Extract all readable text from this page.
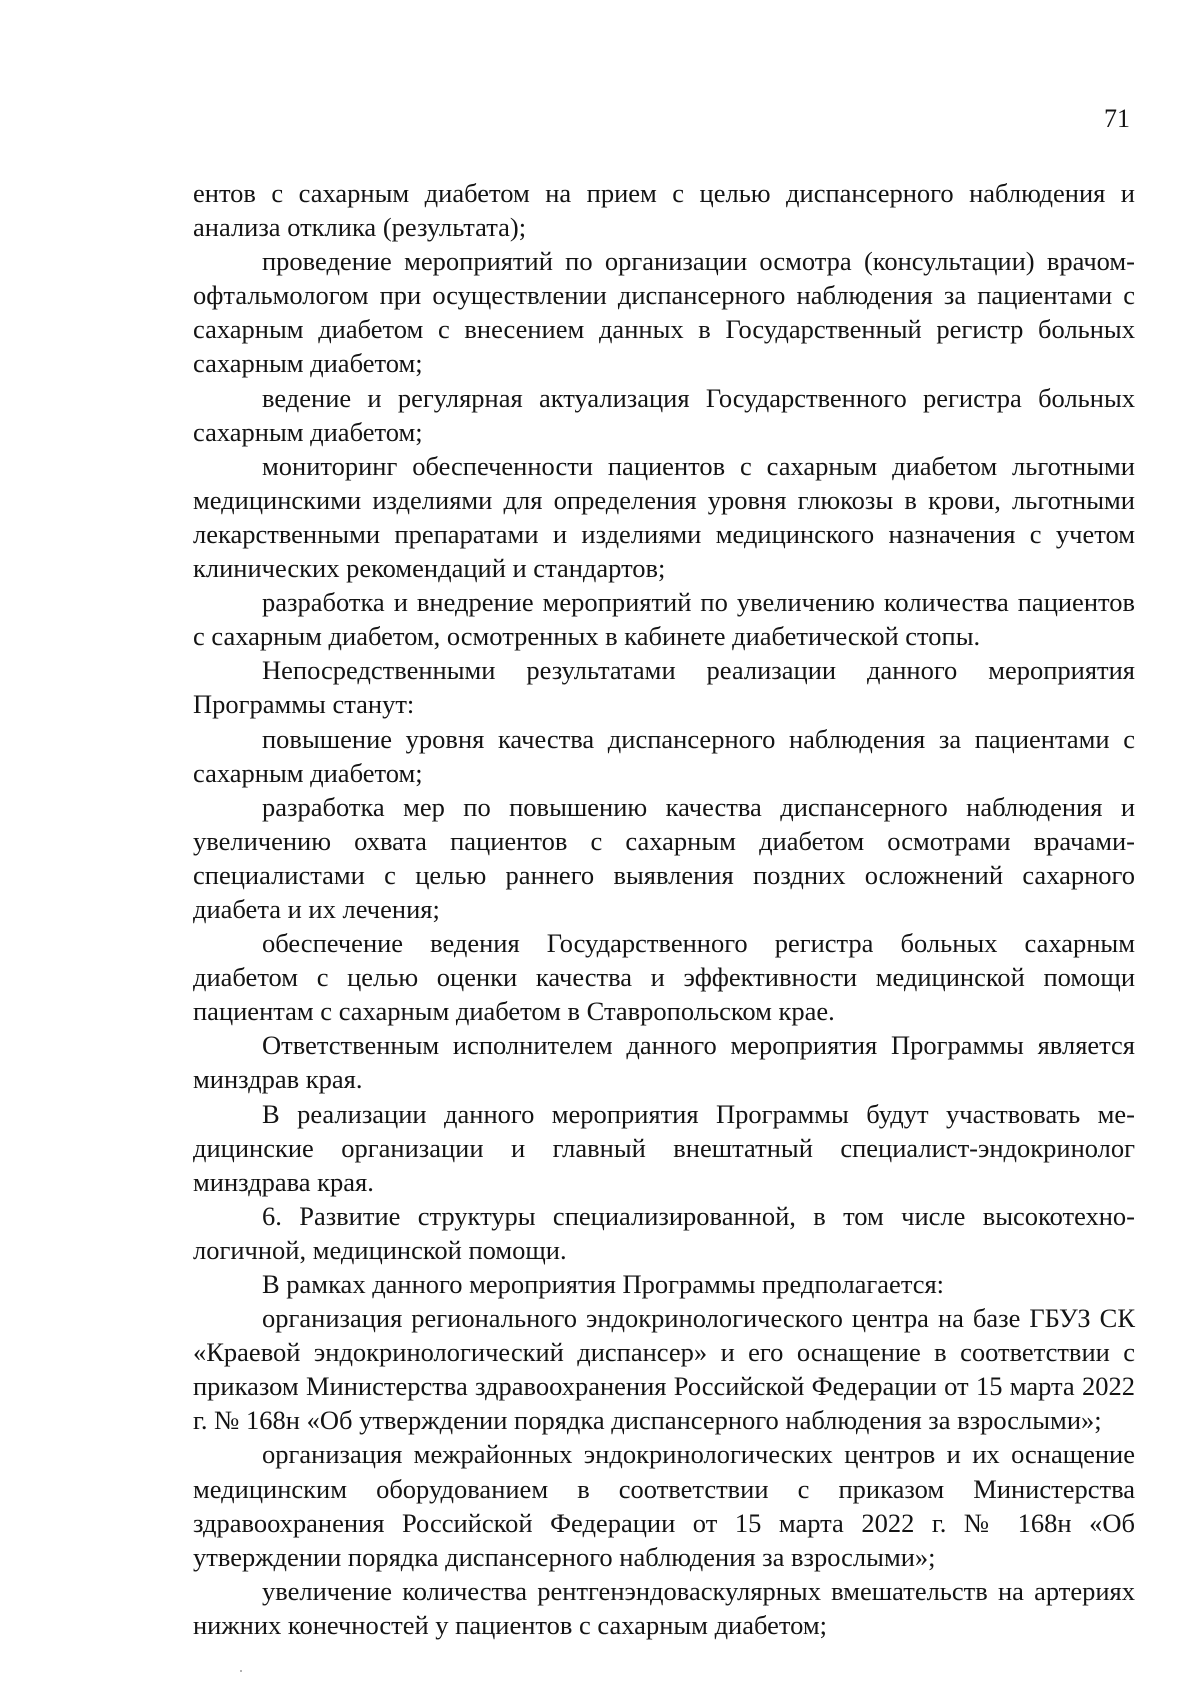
71

ентов с сахарным диабетом на прием с целью диспансерного наблюдения и анализа отклика (результата);

проведение мероприятий по организации осмотра (консультации) врачом-офтальмологом при осуществлении диспансерного наблюдения за пациентами с сахарным диабетом с внесением данных в Государственный регистр больных сахарным диабетом;

ведение и регулярная актуализация Государственного регистра больных сахарным диабетом;

мониторинг обеспеченности пациентов с сахарным диабетом льготными медицинскими изделиями для определения уровня глюкозы в крови, льготными лекарственными препаратами и изделиями медицинского назначения с учетом клинических рекомендаций и стандартов;

разработка и внедрение мероприятий по увеличению количества пациентов с сахарным диабетом, осмотренных в кабинете диабетической стопы.

Непосредственными результатами реализации данного мероприятия Программы станут:

повышение уровня качества диспансерного наблюдения за пациентами с сахарным диабетом;

разработка мер по повышению качества диспансерного наблюдения и увеличению охвата пациентов с сахарным диабетом осмотрами врачами-специалистами с целью раннего выявления поздних осложнений сахарного диабета и их лечения;

обеспечение ведения Государственного регистра больных сахарным диабетом с целью оценки качества и эффективности медицинской помощи пациентам с сахарным диабетом в Ставропольском крае.

Ответственным исполнителем данного мероприятия Программы является минздрав края.

В реализации данного мероприятия Программы будут участвовать медицинские организации и главный внештатный специалист-эндокринолог минздрава края.

6. Развитие структуры специализированной, в том числе высокотехнологичной, медицинской помощи.

В рамках данного мероприятия Программы предполагается:

организация регионального эндокринологического центра на базе ГБУЗ СК «Краевой эндокринологический диспансер» и его оснащение в соответствии с приказом Министерства здравоохранения Российской Федерации от 15 марта 2022 г. № 168н «Об утверждении порядка диспансерного наблюдения за взрослыми»;

организация межрайонных эндокринологических центров и их оснащение медицинским оборудованием в соответствии с приказом Министерства здравоохранения Российской Федерации от 15 марта 2022 г. № 168н «Об утверждении порядка диспансерного наблюдения за взрослыми»;

увеличение количества рентгенэндоваскулярных вмешательств на артериях нижних конечностей у пациентов с сахарным диабетом;
